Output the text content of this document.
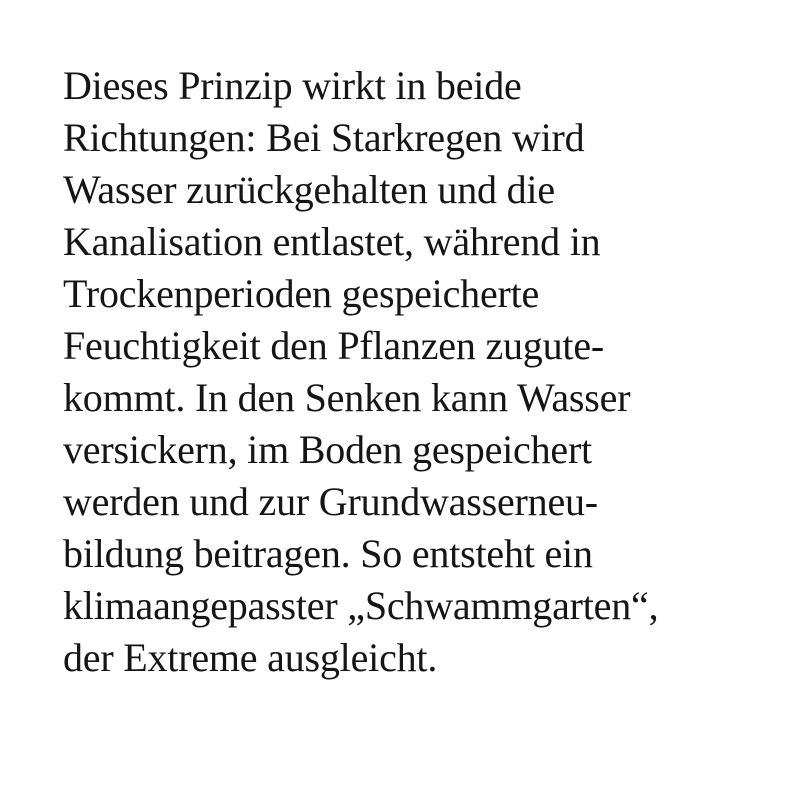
Dieses Prinzip wirkt in beide
Richtungen: Bei Starkregen wird
Wasser zurückgehalten und die
Kanalisation entlastet, während in
Trockenperioden gespeicherte
Feuchtigkeit den Pflanzen zugute-
kommt. In den Senken kann Wasser
versickern, im Boden gespeichert
werden und zur Grundwasserneu-
bildung beitragen. So entsteht ein
klimaangepasster „Schwammgarten“,
der Extreme ausgleicht.
